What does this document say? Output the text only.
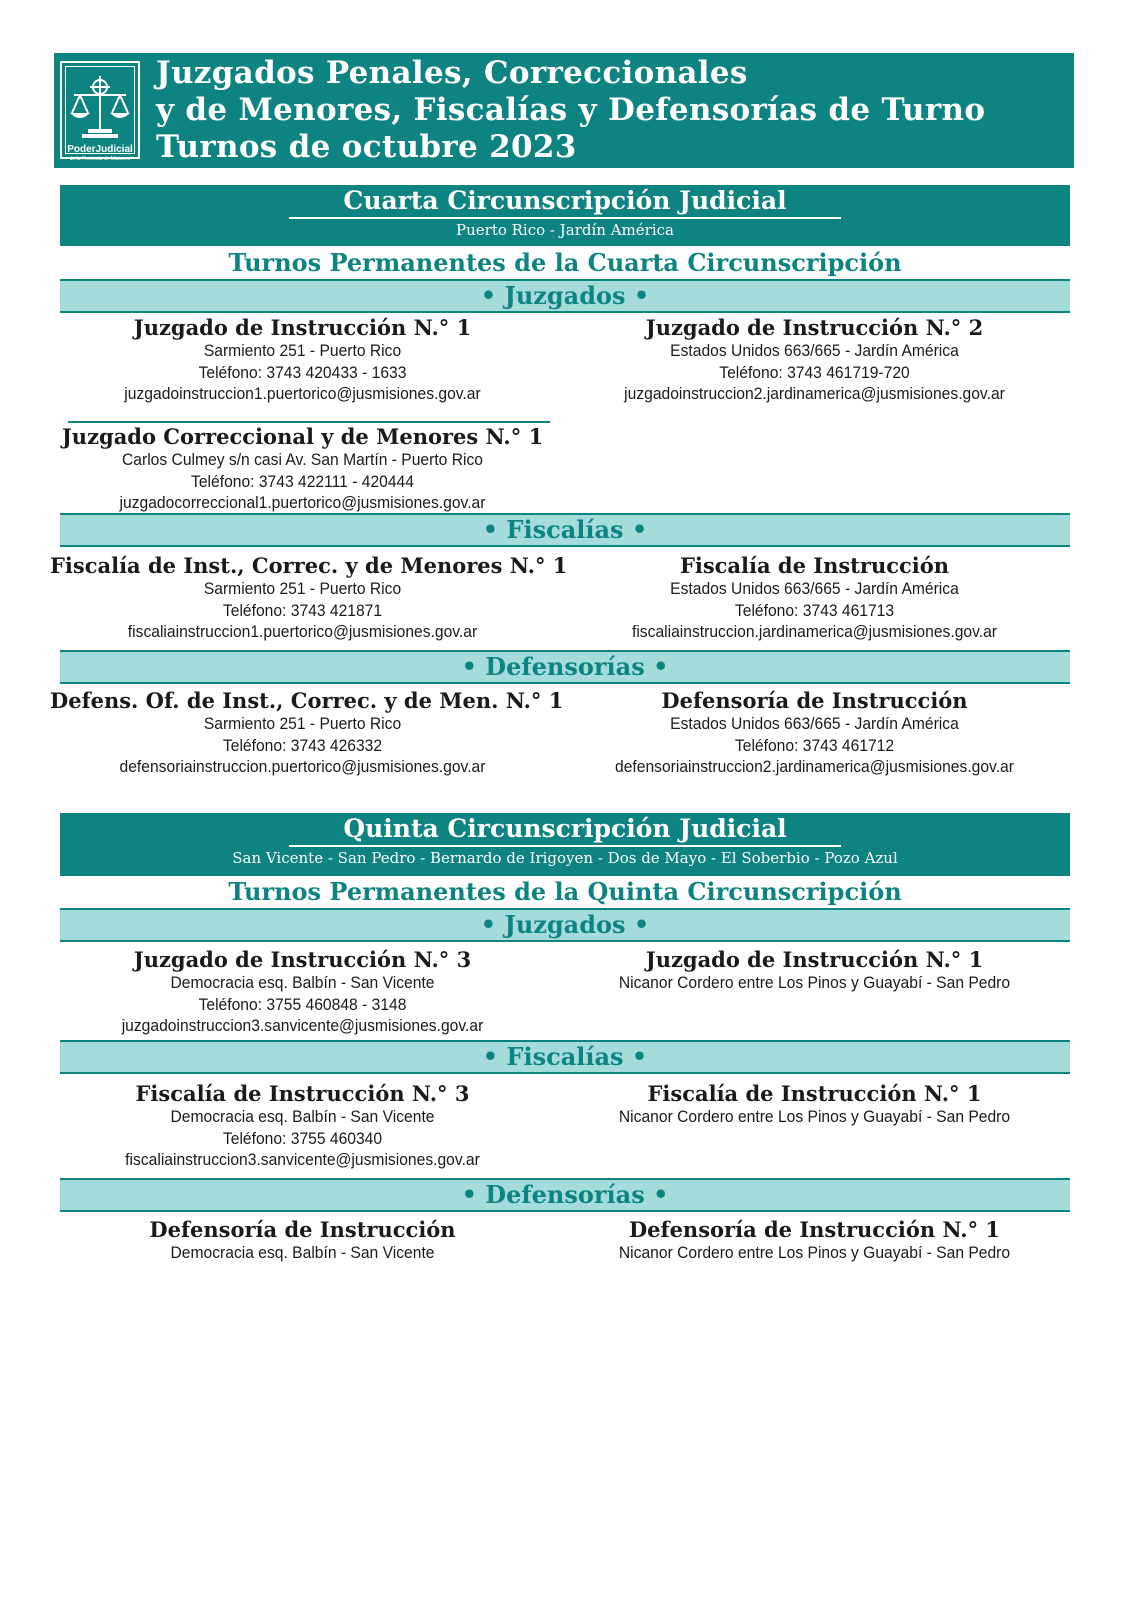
PoderJudicial
de la Provincia de Misiones
Juzgados Penales, Correccionales
y de Menores, Fiscalías y Defensorías de Turno
Turnos de octubre 2023
Cuarta Circunscripción Judicial
Puerto Rico - Jardín América
Turnos Permanentes de la Cuarta Circunscripción
• Juzgados •
Juzgado de Instrucción N.° 1
Sarmiento 251 - Puerto Rico
Teléfono: 3743 420433 - 1633
juzgadoinstruccion1.puertorico@jusmisiones.gov.ar
Juzgado de Instrucción N.° 2
Estados Unidos 663/665 - Jardín América
Teléfono: 3743 461719-720
juzgadoinstruccion2.jardinamerica@jusmisiones.gov.ar
Juzgado Correccional y de Menores N.° 1
Carlos Culmey s/n casi Av. San Martín - Puerto Rico
Teléfono: 3743 422111 - 420444
juzgadocorreccional1.puertorico@jusmisiones.gov.ar
• Fiscalías •
Fiscalía de Inst., Correc. y de Menores N.° 1
Sarmiento 251 - Puerto Rico
Teléfono: 3743 421871
fiscaliainstruccion1.puertorico@jusmisiones.gov.ar
Fiscalía de Instrucción
Estados Unidos 663/665 - Jardín América
Teléfono: 3743 461713
fiscaliainstruccion.jardinamerica@jusmisiones.gov.ar
• Defensorías •
Defens. Of. de Inst., Correc. y de Men. N.° 1
Sarmiento 251 - Puerto Rico
Teléfono: 3743 426332
defensoriainstruccion.puertorico@jusmisiones.gov.ar
Defensoría de Instrucción
Estados Unidos 663/665 - Jardín América
Teléfono: 3743 461712
defensoriainstruccion2.jardinamerica@jusmisiones.gov.ar
Quinta Circunscripción Judicial
San Vicente - San Pedro - Bernardo de Irigoyen - Dos de Mayo - El Soberbio - Pozo Azul
Turnos Permanentes de la Quinta Circunscripción
• Juzgados •
Juzgado de Instrucción N.° 3
Democracia esq. Balbín - San Vicente
Teléfono: 3755 460848 - 3148
juzgadoinstruccion3.sanvicente@jusmisiones.gov.ar
Juzgado de Instrucción N.° 1
Nicanor Cordero entre Los Pinos y Guayabí - San Pedro
• Fiscalías •
Fiscalía de Instrucción N.° 3
Democracia esq. Balbín - San Vicente
Teléfono: 3755 460340
fiscaliainstruccion3.sanvicente@jusmisiones.gov.ar
Fiscalía de Instrucción N.° 1
Nicanor Cordero entre Los Pinos y Guayabí - San Pedro
• Defensorías •
Defensoría de Instrucción
Democracia esq. Balbín - San Vicente
Defensoría de Instrucción N.° 1
Nicanor Cordero entre Los Pinos y Guayabí - San Pedro
